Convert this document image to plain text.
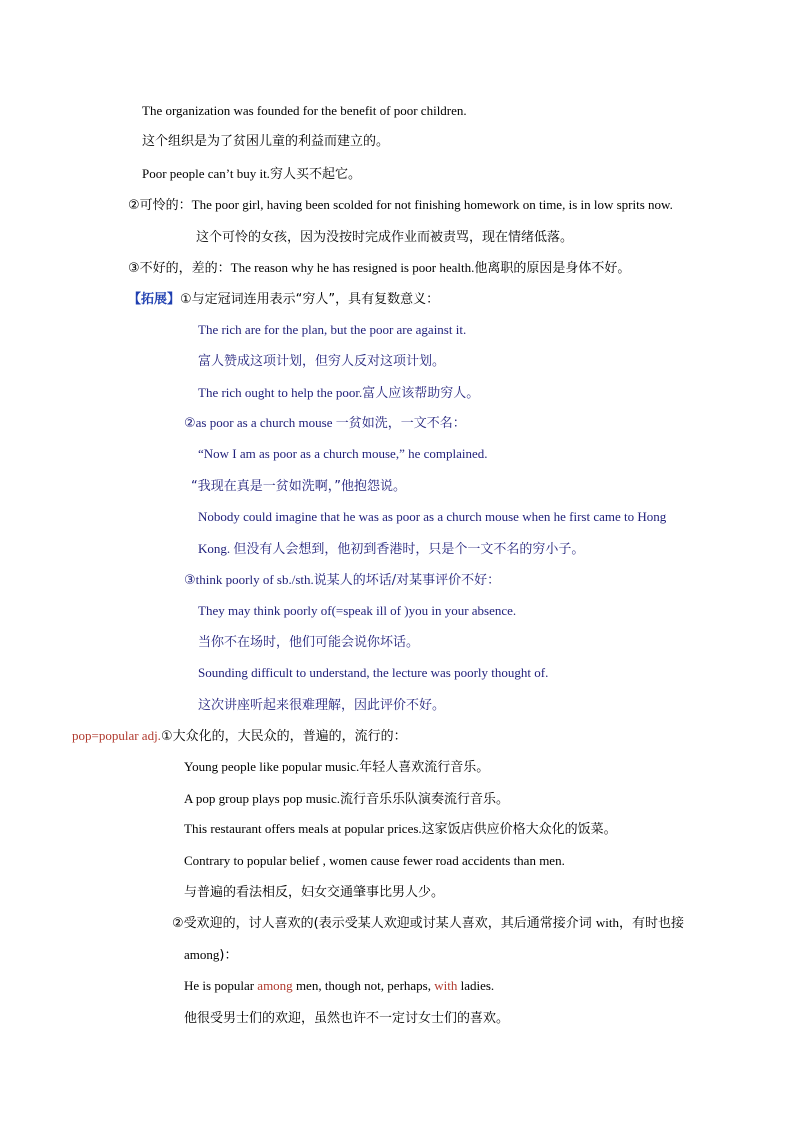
The organization was founded for the benefit of poor children.
这个组织是为了贫困儿童的利益而建立的。
Poor people can’t buy it.穷人买不起它。
②可怜的：The poor girl, having been scolded for not finishing homework on time, is in low sprits now.
这个可怜的女孩，因为没按时完成作业而被责骂，现在情绪低落。
③不好的，差的：The reason why he has resigned is poor health.他离职的原因是身体不好。
【拓展】①与定冠词连用表示“穷人”，具有复数意义：
The rich are for the plan, but the poor are against it.
富人赞成这项计划，但穷人反对这项计划。
The rich ought to help the poor.富人应该帮助穷人。
②as poor as a church mouse 一贫如洗，一文不名：
“Now I am as poor as a church mouse,” he complained.
“我现在真是一贫如洗啊，”他抱怨说。
Nobody could imagine that he was as poor as a church mouse when he first came to Hong
Kong. 但没有人会想到，他初到香港时，只是个一文不名的穷小子。
③think poorly of sb./sth.说某人的坏话/对某事评价不好：
They may think poorly of(=speak ill of )you in your absence.
当你不在场时，他们可能会说你坏话。
Sounding difficult to understand, the lecture was poorly thought of.
这次讲座听起来很难理解，因此评价不好。
pop=popular adj.①大众化的，大民众的，普遍的，流行的：
Young people like popular music.年轻人喜欢流行音乐。
A pop group plays pop music.流行音乐乐队演奏流行音乐。
This restaurant offers meals at popular prices.这家饭店供应价格大众化的饭菜。
Contrary to popular belief , women cause fewer road accidents than men.
与普遍的看法相反，妇女交通肇事比男人少。
②受欢迎的，讨人喜欢的(表示受某人欢迎或讨某人喜欢，其后通常接介词 with，有时也接
among)：
He is popular among men, though not, perhaps, with ladies.
他很受男士们的欢迎，虽然也许不一定讨女士们的喜欢。
